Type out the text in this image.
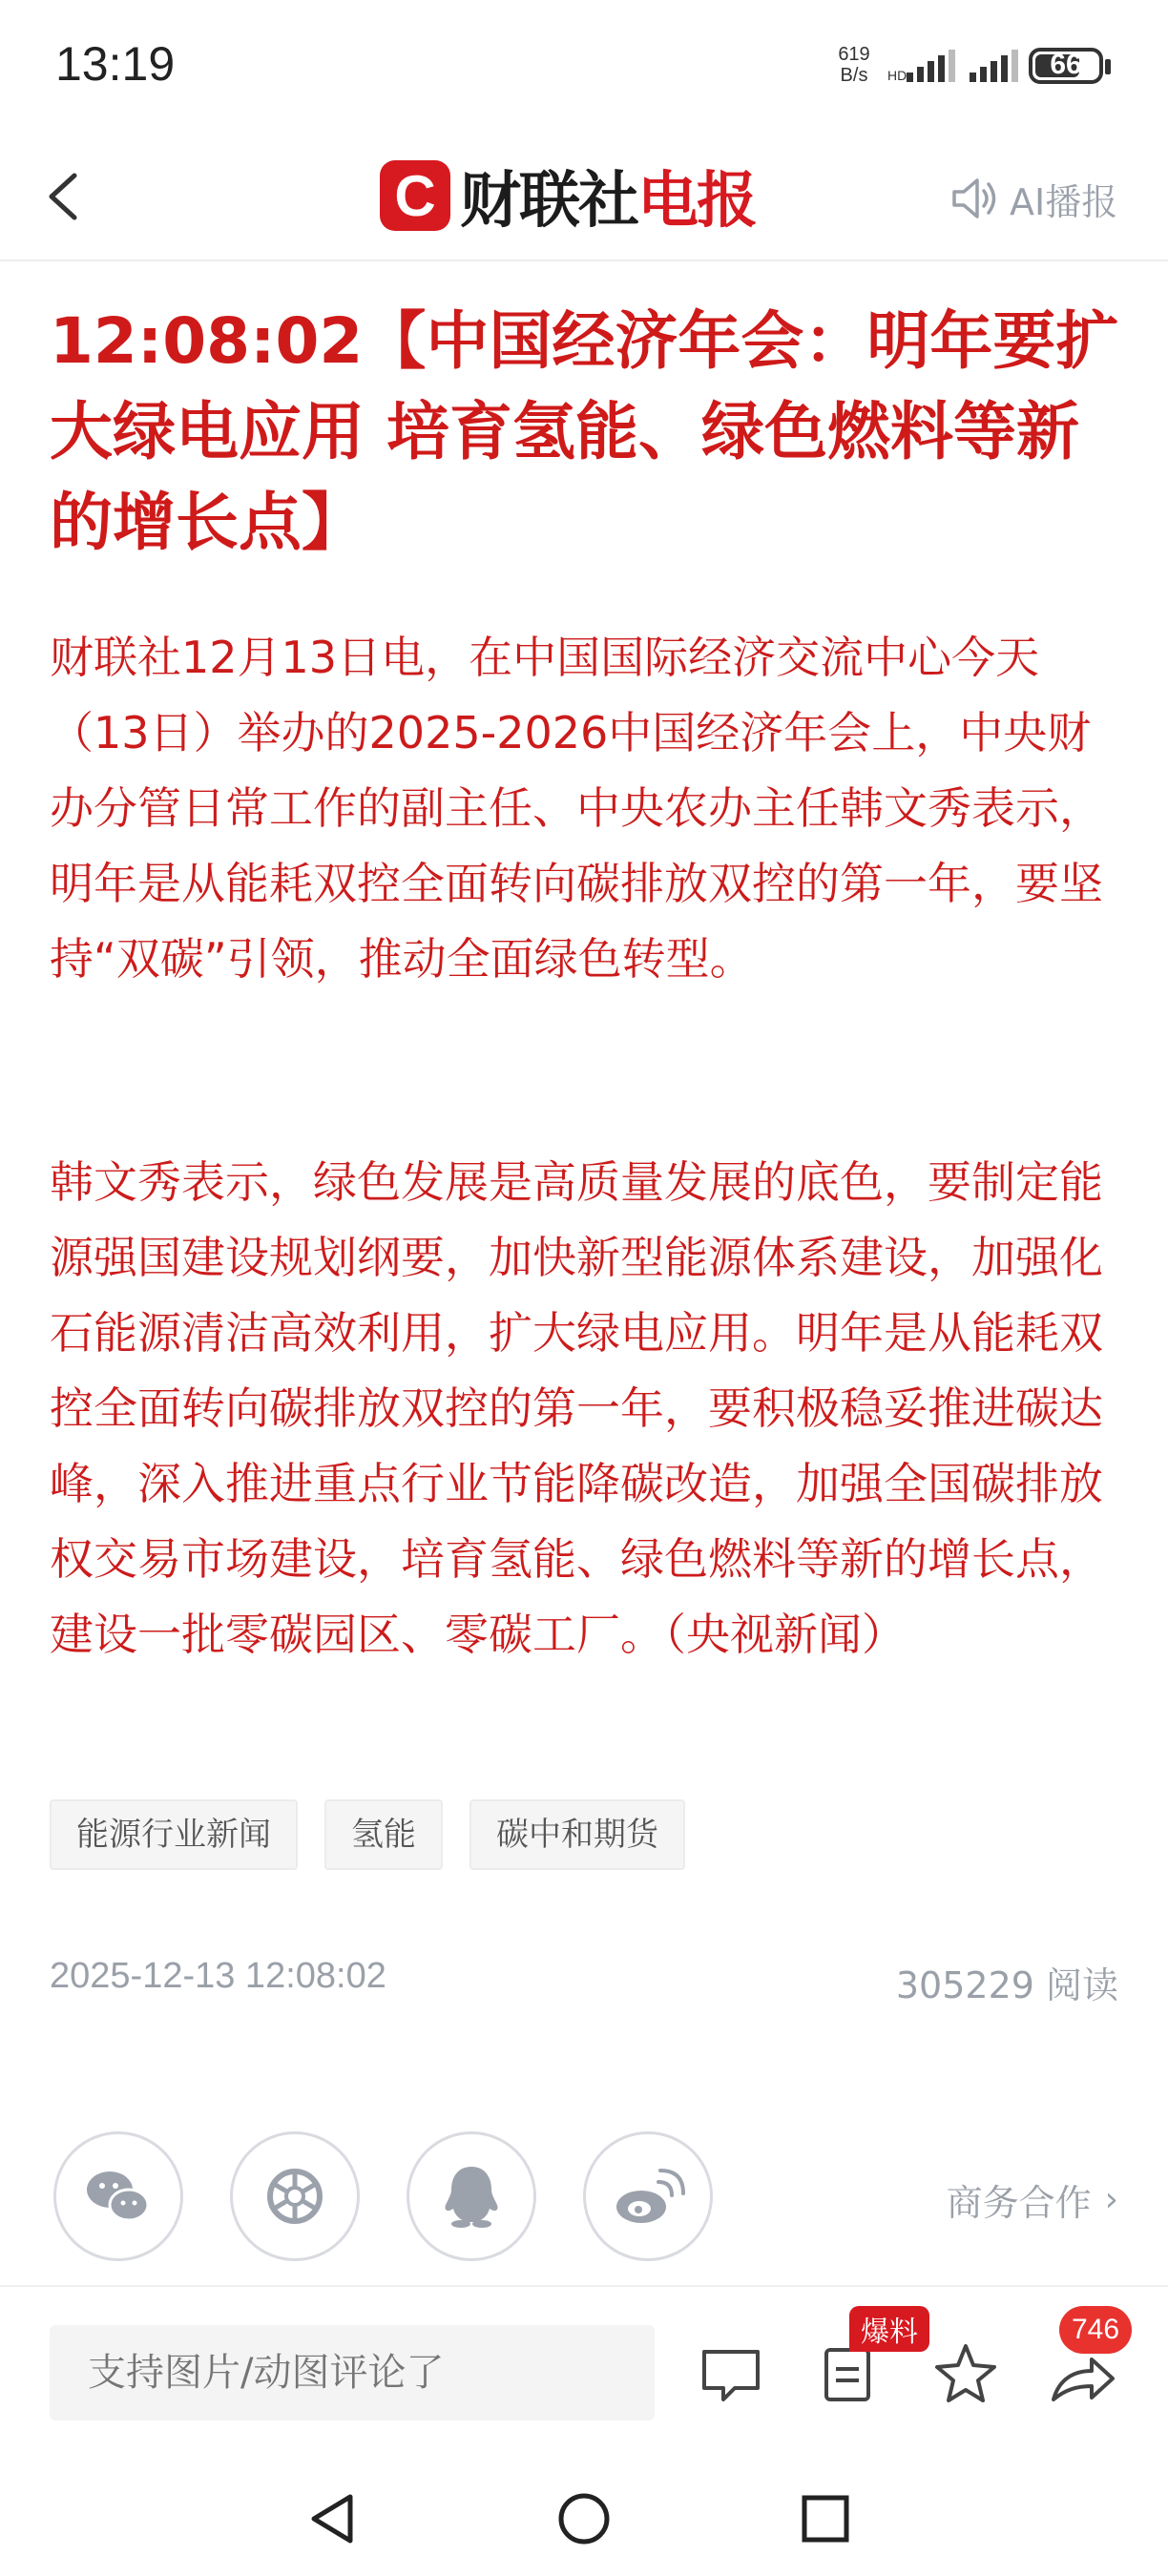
13:19	619
B/s	HD	66
C 财联社电报	AI播报
12:08:02【中国经济年会：明年要扩大绿电应用 培育氢能、绿色燃料等新的增长点】

财联社12月13日电，在中国国际经济交流中心今天（13日）举办的2025-2026中国经济年会上，中央财办分管日常工作的副主任、中央农办主任韩文秀表示，明年是从能耗双控全面转向碳排放双控的第一年，要坚持“双碳”引领，推动全面绿色转型。

韩文秀表示，绿色发展是高质量发展的底色，要制定能源强国建设规划纲要，加快新型能源体系建设，加强化石能源清洁高效利用，扩大绿电应用。明年是从能耗双控全面转向碳排放双控的第一年，要积极稳妥推进碳达峰，深入推进重点行业节能降碳改造，加强全国碳排放权交易市场建设，培育氢能、绿色燃料等新的增长点，建设一批零碳园区、零碳工厂。（央视新闻）

能源行业新闻	氢能	碳中和期货
2025-12-13 12:08:02	305229 阅读
商务合作 ›
支持图片/动图评论了
爆料	746
